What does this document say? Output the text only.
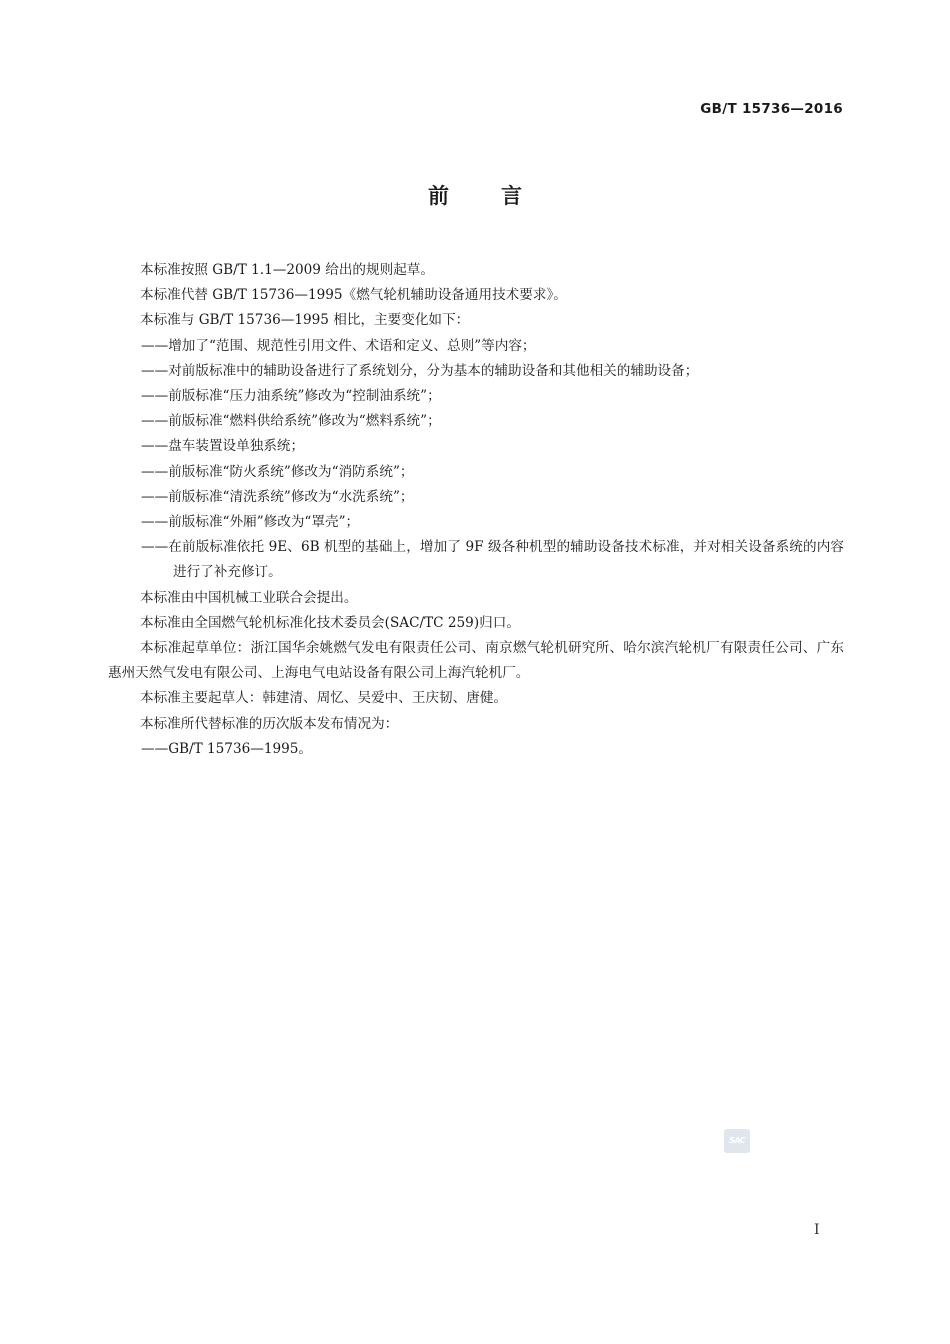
GB/T 15736—2016
前 言

本标准按照 GB/T 1.1—2009 给出的规则起草。

本标准代替 GB/T 15736—1995《燃气轮机辅助设备通用技术要求》。

本标准与 GB/T 15736—1995 相比，主要变化如下：

——增加了“范围、规范性引用文件、术语和定义、总则”等内容；

——对前版标准中的辅助设备进行了系统划分，分为基本的辅助设备和其他相关的辅助设备；

——前版标准“压力油系统”修改为“控制油系统”；

——前版标准“燃料供给系统”修改为“燃料系统”；

——盘车装置设单独系统；

——前版标准“防火系统”修改为“消防系统”；

——前版标准“清洗系统”修改为“水洗系统”；

——前版标准“外厢”修改为“罩壳”；

——在前版标准依托 9E、6B 机型的基础上，增加了 9F 级各种机型的辅助设备技术标准，并对相关设备系统的内容进行了补充修订。

本标准由中国机械工业联合会提出。

本标准由全国燃气轮机标准化技术委员会(SAC/TC 259)归口。

本标准起草单位：浙江国华余姚燃气发电有限责任公司、南京燃气轮机研究所、哈尔滨汽轮机厂有限责任公司、广东惠州天然气发电有限公司、上海电气电站设备有限公司上海汽轮机厂。

本标准主要起草人：韩建清、周忆、吴爱中、王庆韧、唐健。

本标准所代替标准的历次版本发布情况为：

——GB/T 15736—1995。

SAC
I
